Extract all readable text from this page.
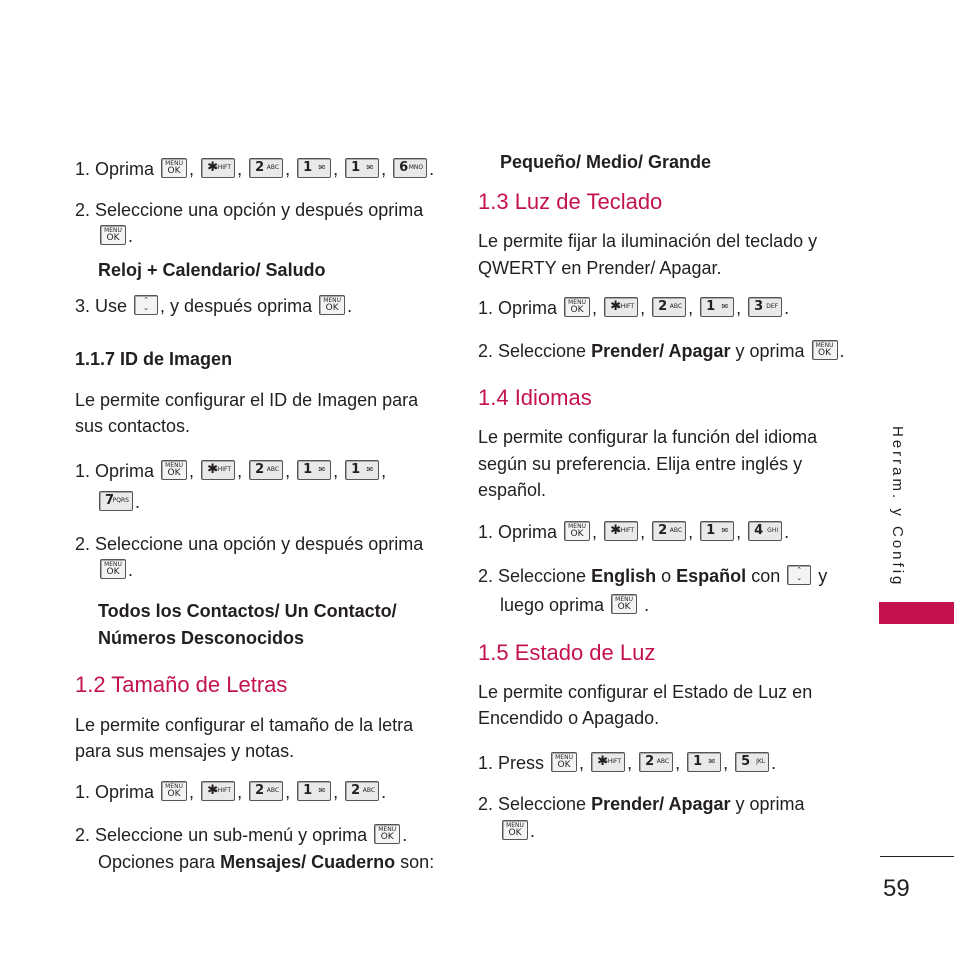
1. Oprima	MENU
OK , ✱
SHIFT , 2 ABC , 1 ✉ , 1 ✉ , 6 MNO .
2. Seleccione una opción y después oprima
MENU
OK .
Reloj + Calendario/ Saludo
3. Use	⌃
⌄ , y después oprima	MENU
OK .
1.1.7 ID de Imagen
Le permite configurar el ID de Imagen para
sus contactos.
1. Oprima	MENU
OK , ✱
SHIFT , 2 ABC , 1 ✉ , 1 ✉ ,
7
PQRS .
2. Seleccione una opción y después oprima
MENU
OK .
Todos los Contactos/ Un Contacto/
Números Desconocidos
1.2 Tamaño de Letras
Le permite configurar el tamaño de la letra
para sus mensajes y notas.
1. Oprima	MENU
OK , ✱
SHIFT , 2 ABC , 1 ✉ , 2 ABC .
2. Seleccione un sub-menú y oprima	MENU
OK .
Opciones para Mensajes/ Cuaderno son:
Pequeño/ Medio/ Grande
1.3 Luz de Teclado
Le permite fijar la iluminación del teclado y
QWERTY en Prender/ Apagar.
1. Oprima	MENU
OK , ✱
SHIFT , 2 ABC , 1 ✉ , 3 DEF .
2. Seleccione Prender/ Apagar y oprima	MENU
OK .
1.4 Idiomas
Le permite configurar la función del idioma
según su preferencia. Elija entre inglés y
español.
1. Oprima	MENU
OK , ✱
SHIFT , 2 ABC , 1 ✉ , 4 GHI .
2. Seleccione English o Español con	⌃
⌄ y
luego oprima	MENU
OK .
1.5 Estado de Luz
Le permite configurar el Estado de Luz en
Encendido o Apagado.
1. Press	MENU
OK , ✱
SHIFT , 2 ABC , 1 ✉ , 5 JKL .
2. Seleccione Prender/ Apagar y oprima
MENU
OK .
Herram. y Config
59
